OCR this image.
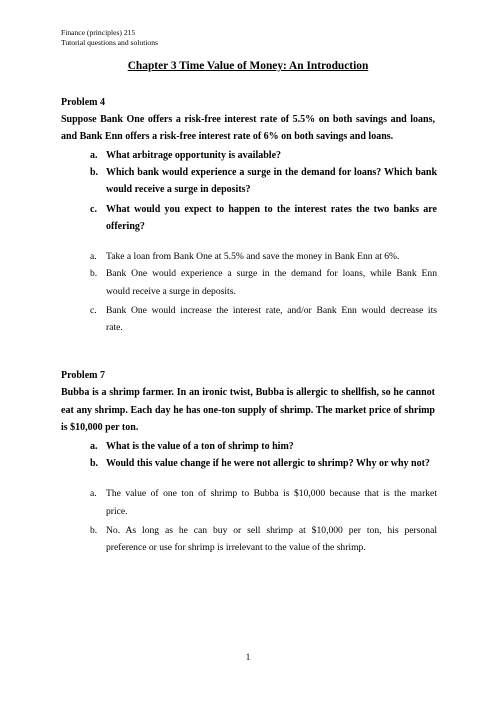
Finance (principles) 215
Tutorial questions and solutions
Chapter 3 Time Value of Money: An Introduction
Problem 4
Suppose Bank One offers a risk-free interest rate of 5.5% on both savings and loans,
and Bank Enn offers a risk-free interest rate of 6% on both savings and loans.
a. What arbitrage opportunity is available?
b. Which bank would experience a surge in the demand for loans? Which bank
would receive a surge in deposits?
c. What would you expect to happen to the interest rates the two banks are
offering?
a. Take a loan from Bank One at 5.5% and save the money in Bank Enn at 6%.
b. Bank One would experience a surge in the demand for loans, while Bank Enn
would receive a surge in deposits.
c. Bank One would increase the interest rate, and/or Bank Enn would decrease its
rate.
Problem 7
Bubba is a shrimp farmer. In an ironic twist, Bubba is allergic to shellfish, so he cannot
eat any shrimp. Each day he has one-ton supply of shrimp. The market price of shrimp
is $10,000 per ton.
a. What is the value of a ton of shrimp to him?
b. Would this value change if he were not allergic to shrimp? Why or why not?
a. The value of one ton of shrimp to Bubba is $10,000 because that is the market
price.
b. No. As long as he can buy or sell shrimp at $10,000 per ton, his personal
preference or use for shrimp is irrelevant to the value of the shrimp.
1
